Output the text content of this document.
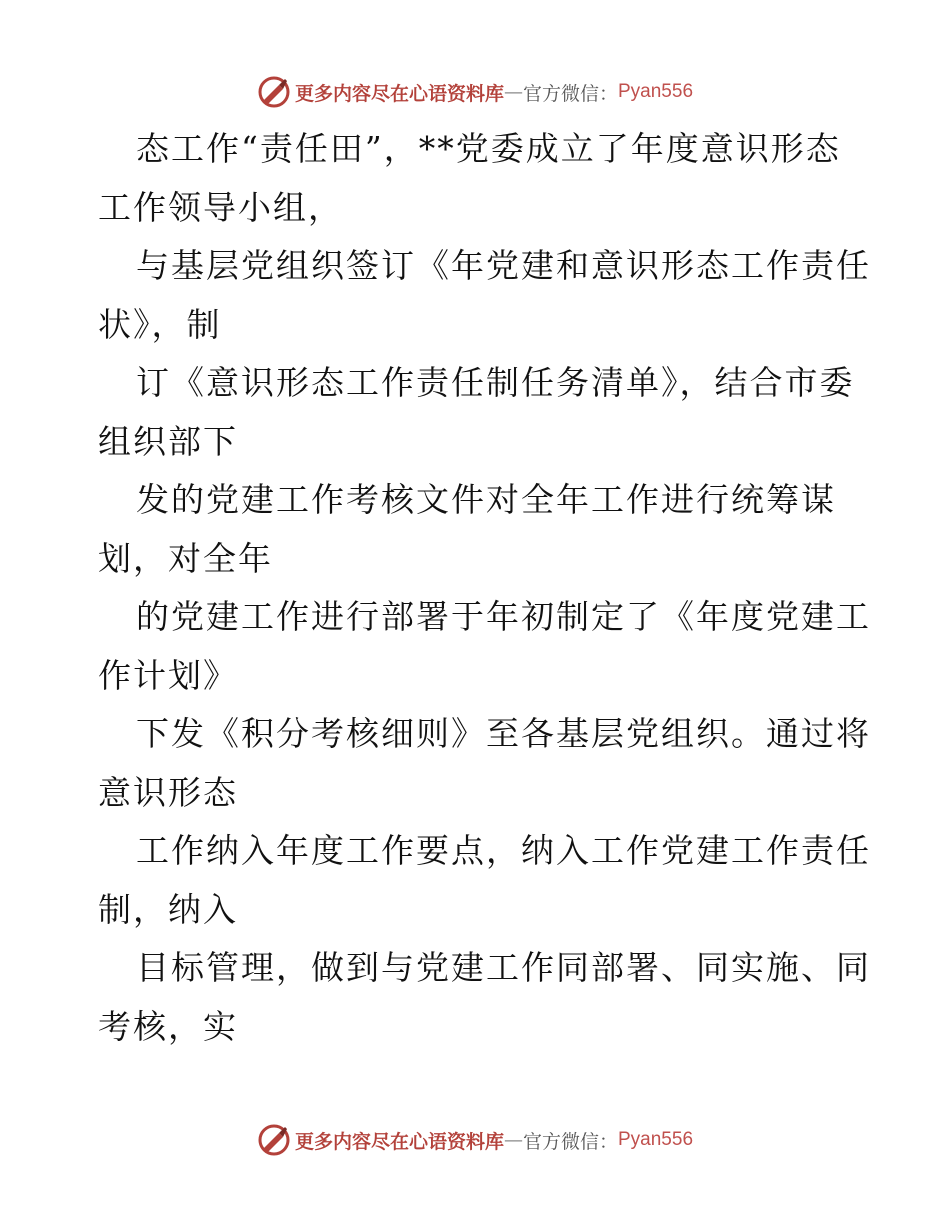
更多内容尽在心语资料库 — 官方微信： Pyan556
态工作“责任田”，**党委成立了年度意识形态
工作领导小组，
与基层党组织签订《年党建和意识形态工作责任
状》，制
订《意识形态工作责任制任务清单》，结合市委
组织部下
发的党建工作考核文件对全年工作进行统筹谋
划，对全年
的党建工作进行部署于年初制定了《年度党建工
作计划》
下发《积分考核细则》至各基层党组织。通过将
意识形态
工作纳入年度工作要点，纳入工作党建工作责任
制，纳入
目标管理，做到与党建工作同部署、同实施、同
考核，实
更多内容尽在心语资料库 — 官方微信： Pyan556
